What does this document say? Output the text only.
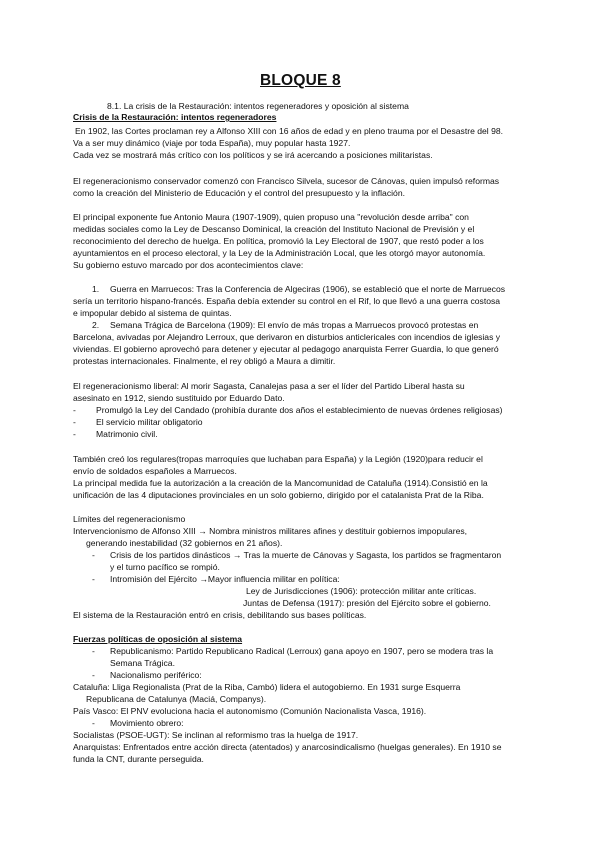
BLOQUE 8
8.1. La crisis de la Restauración: intentos regeneradores y oposición al sistema
Crisis de la Restauración: intentos regeneradores
En 1902, las Cortes proclaman rey a Alfonso XIII con 16 años de edad y en pleno trauma por el Desastre del 98.
Va a ser muy dinámico (viaje por toda España), muy popular hasta 1927.
Cada vez se mostrará más crítico con los políticos y se irá acercando a posiciones militaristas.
El regeneracionismo conservador comenzó con Francisco Silvela, sucesor de Cánovas, quien impulsó reformas
como la creación del Ministerio de Educación y el control del presupuesto y la inflación.
El principal exponente fue Antonio Maura (1907-1909), quien propuso una "revolución desde arriba" con
medidas sociales como la Ley de Descanso Dominical, la creación del Instituto Nacional de Previsión y el
reconocimiento del derecho de huelga. En política, promovió la Ley Electoral de 1907, que restó poder a los
ayuntamientos en el proceso electoral, y la Ley de la Administración Local, que les otorgó mayor autonomía.
Su gobierno estuvo marcado por dos acontecimientos clave:
1. Guerra en Marruecos: Tras la Conferencia de Algeciras (1906), se estableció que el norte de Marruecos
sería un territorio hispano-francés. España debía extender su control en el Rif, lo que llevó a una guerra costosa
e impopular debido al sistema de quintas.
2. Semana Trágica de Barcelona (1909): El envío de más tropas a Marruecos provocó protestas en
Barcelona, avivadas por Alejandro Lerroux, que derivaron en disturbios anticlericales con incendios de iglesias y
viviendas. El gobierno aprovechó para detener y ejecutar al pedagogo anarquista Ferrer Guardia, lo que generó
protestas internacionales. Finalmente, el rey obligó a Maura a dimitir.
El regeneracionismo liberal: Al morir Sagasta, Canalejas pasa a ser el líder del Partido Liberal hasta su
asesinato en 1912, siendo sustituido por Eduardo Dato.
- Promulgó la Ley del Candado (prohibía durante dos años el establecimiento de nuevas órdenes religiosas)
- El servicio militar obligatorio
- Matrimonio civil.
También creó los regulares(tropas marroquíes que luchaban para España) y la Legión (1920)para reducir el
envío de soldados españoles a Marruecos.
La principal medida fue la autorización a la creación de la Mancomunidad de Cataluña (1914).Consistió en la
unificación de las 4 diputaciones provinciales en un solo gobierno, dirigido por el catalanista Prat de la Riba.
Límites del regeneracionismo
Intervencionismo de Alfonso XIII → Nombra ministros militares afines y destituir gobiernos impopulares,
generando inestabilidad (32 gobiernos en 21 años).
- Crisis de los partidos dinásticos → Tras la muerte de Cánovas y Sagasta, los partidos se fragmentaron
y el turno pacífico se rompió.
- Intromisión del Ejército →Mayor influencia militar en política:
Ley de Jurisdicciones (1906): protección militar ante críticas.
Juntas de Defensa (1917): presión del Ejército sobre el gobierno.
El sistema de la Restauración entró en crisis, debilitando sus bases políticas.
Fuerzas políticas de oposición al sistema
- Republicanismo: Partido Republicano Radical (Lerroux) gana apoyo en 1907, pero se modera tras la
Semana Trágica.
- Nacionalismo periférico:
Cataluña: Lliga Regionalista (Prat de la Riba, Cambó) lidera el autogobierno. En 1931 surge Esquerra
Republicana de Catalunya (Maciá, Companys).
País Vasco: El PNV evoluciona hacia el autonomismo (Comunión Nacionalista Vasca, 1916).
- Movimiento obrero:
Socialistas (PSOE-UGT): Se inclinan al reformismo tras la huelga de 1917.
Anarquistas: Enfrentados entre acción directa (atentados) y anarcosindicalismo (huelgas generales). En 1910 se
funda la CNT, durante perseguida.
